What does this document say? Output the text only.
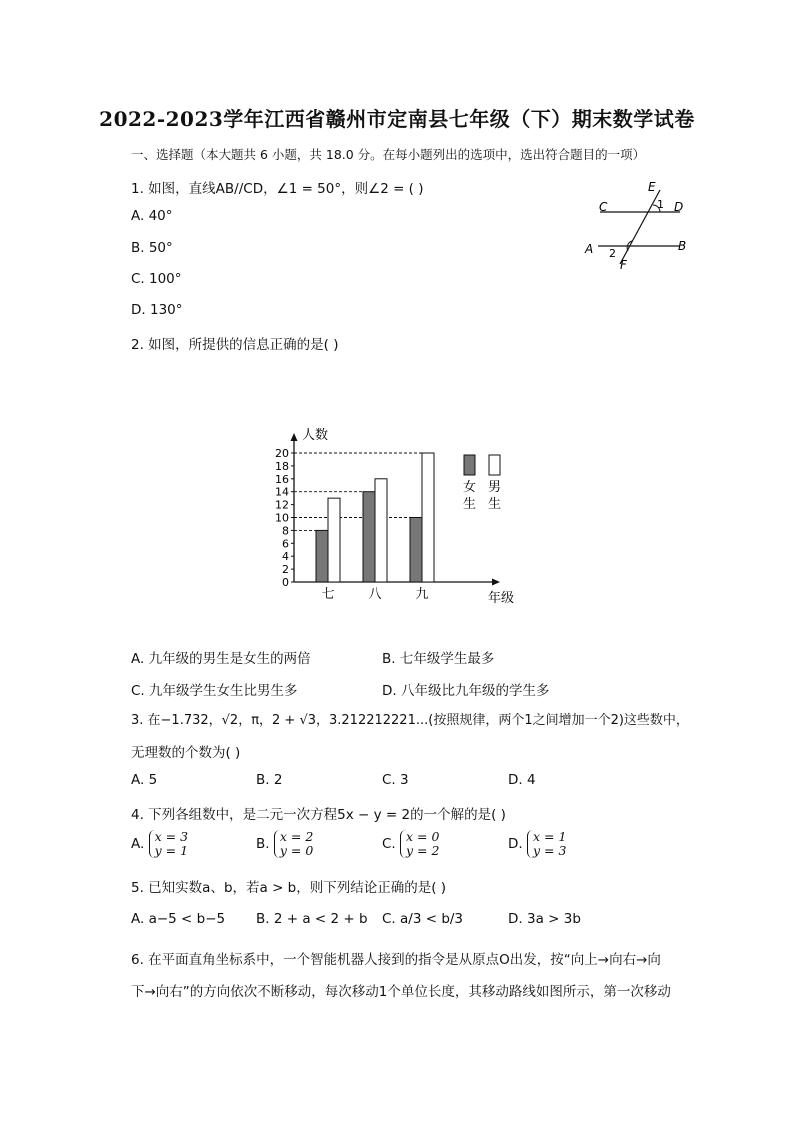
2022-2023学年江西省赣州市定南县七年级（下）期末数学试卷
一、选择题（本大题共 6 小题，共 18.0 分。在每小题列出的选项中，选出符合题目的一项）
1. 如图，直线AB//CD，∠1 = 50°，则∠2 = ( )
A. 40°
B. 50°
C. 100°
D. 130°
E
C	D
1
A	B
2
F
2. 如图，所提供的信息正确的是( )
0
2
4
6
8
10
12
14
16
18
20
人数
年级
七	八	九
女
生
男
生
A. 九年级的男生是女生的两倍	B. 七年级学生最多
C. 九年级学生女生比男生多	D. 八年级比九年级的学生多
3. 在−1.732，√2，π，2 + √3，3.212212221...(按照规律，两个1之间增加一个2)这些数中，
无理数的个数为( )
A. 5	B. 2	C. 3	D. 4
4. 下列各组数中，是二元一次方程5x − y = 2的一个解的是( )
A. x = 3
y = 1	B. x = 2
y = 0	C. x = 0
y = 2	D. x = 1
y = 3
5. 已知实数a、b，若a > b，则下列结论正确的是( )
A. a−5 < b−5 B. 2 + a < 2 + b C. a/3 < b/3	D. 3a > 3b
6. 在平面直角坐标系中，一个智能机器人接到的指令是从原点O出发，按“向上→向右→向
下→向右”的方向依次不断移动，每次移动1个单位长度，其移动路线如图所示，第一次移动
